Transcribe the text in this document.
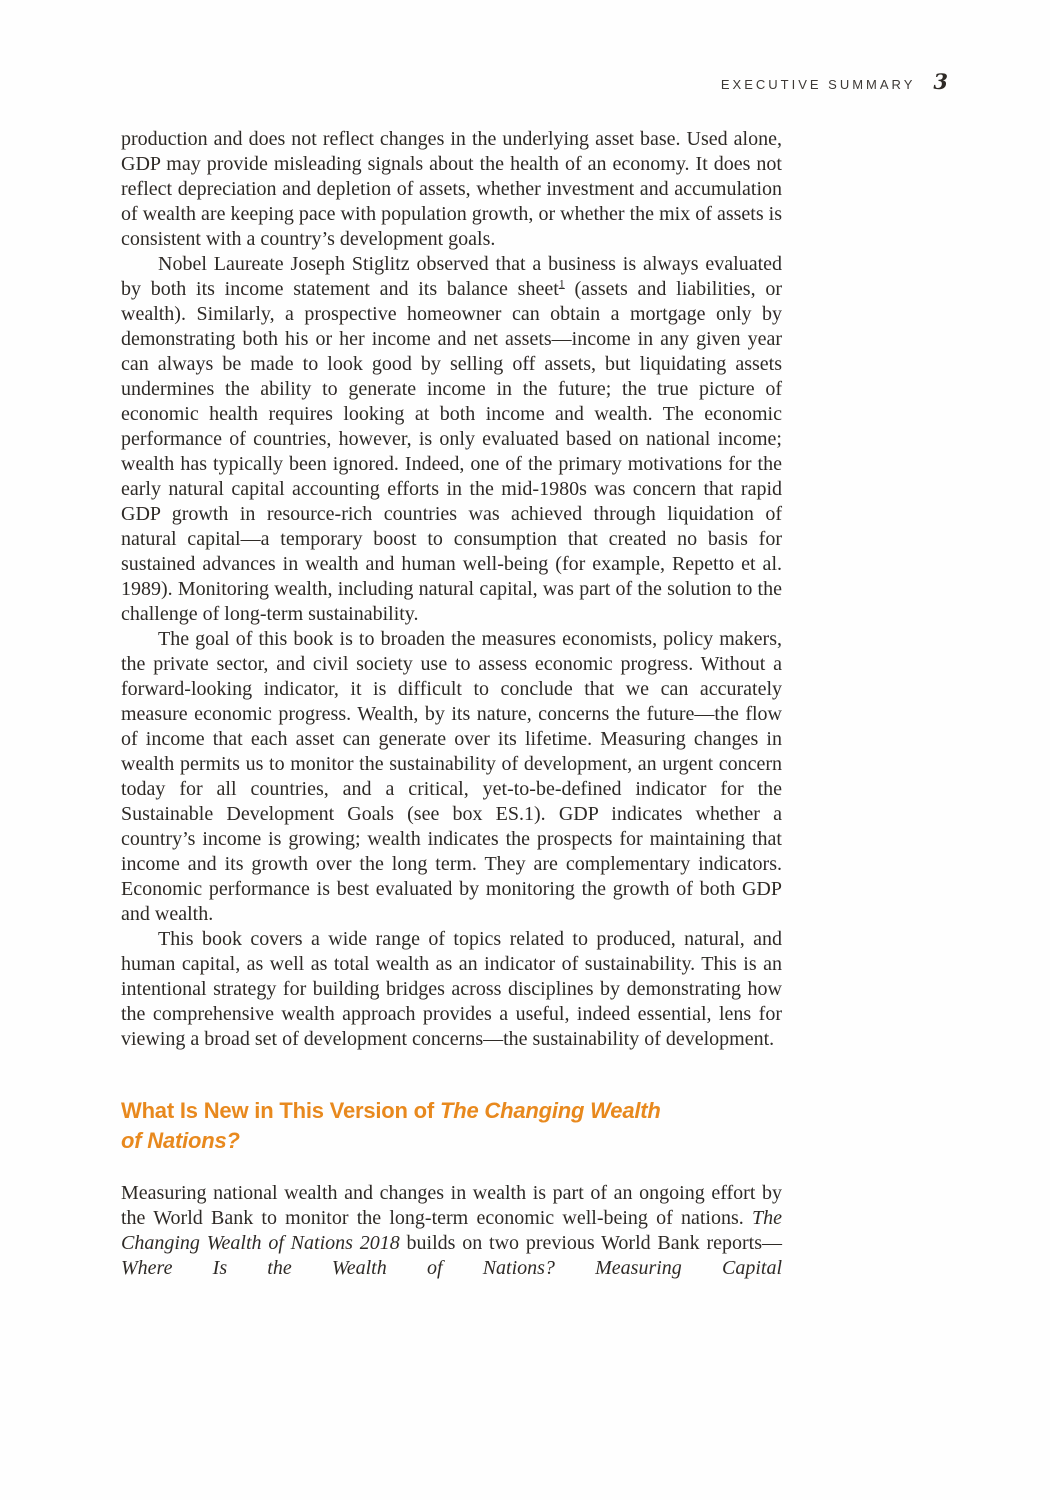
EXECUTIVE SUMMARY 3

production and does not reflect changes in the underlying asset base. Used alone, GDP may provide misleading signals about the health of an economy. It does not reflect depreciation and depletion of assets, whether investment and accumulation of wealth are keeping pace with population growth, or whether the mix of assets is consistent with a country’s development goals.

Nobel Laureate Joseph Stiglitz observed that a business is always evaluated by both its income statement and its balance sheet$^1$ (assets and liabilities, or wealth). Similarly, a prospective homeowner can obtain a mortgage only by demonstrating both his or her income and net assets—income in any given year can always be made to look good by selling off assets, but liquidating assets undermines the ability to generate income in the future; the true picture of economic health requires looking at both income and wealth. The economic performance of countries, however, is only evaluated based on national income; wealth has typically been ignored. Indeed, one of the primary motivations for the early natural capital accounting efforts in the mid-1980s was concern that rapid GDP growth in resource-rich countries was achieved through liquidation of natural capital—a temporary boost to consumption that created no basis for sustained advances in wealth and human well-being (for example, Repetto et al. 1989). Monitoring wealth, including natural capital, was part of the solution to the challenge of long-term sustainability.

The goal of this book is to broaden the measures economists, policy makers, the private sector, and civil society use to assess economic progress. Without a forward-looking indicator, it is difficult to conclude that we can accurately measure economic progress. Wealth, by its nature, concerns the future—the flow of income that each asset can generate over its lifetime. Measuring changes in wealth permits us to monitor the sustainability of development, an urgent concern today for all countries, and a critical, yet-to-be-defined indicator for the Sustainable Development Goals (see box ES.1). GDP indicates whether a country’s income is growing; wealth indicates the prospects for maintaining that income and its growth over the long term. They are complementary indicators. Economic performance is best evaluated by monitoring the growth of both GDP and wealth.

This book covers a wide range of topics related to produced, natural, and human capital, as well as total wealth as an indicator of sustainability. This is an intentional strategy for building bridges across disciplines by demonstrating how the comprehensive wealth approach provides a useful, indeed essential, lens for viewing a broad set of development concerns—the sustainability of development.

What Is New in This Version of The Changing Wealth
of Nations?

Measuring national wealth and changes in wealth is part of an ongoing effort by the World Bank to monitor the long-term economic well-being of nations. The Changing Wealth of Nations 2018 builds on two previous World Bank reports—Where Is the Wealth of Nations? Measuring Capital
